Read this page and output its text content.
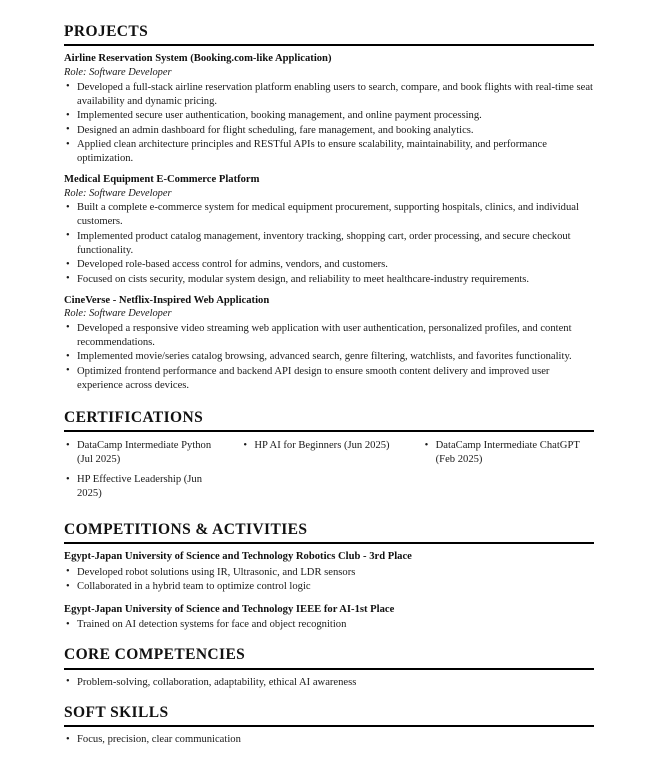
PROJECTS
Airline Reservation System (Booking.com-like Application)
Role: Software Developer
• Developed a full-stack airline reservation platform enabling users to search, compare, and book flights with real-time seat availability and dynamic pricing.
• Implemented secure user authentication, booking management, and online payment processing.
• Designed an admin dashboard for flight scheduling, fare management, and booking analytics.
• Applied clean architecture principles and RESTful APIs to ensure scalability, maintainability, and performance optimization.
Medical Equipment E-Commerce Platform
Role: Software Developer
• Built a complete e-commerce system for medical equipment procurement, supporting hospitals, clinics, and individual customers.
• Implemented product catalog management, inventory tracking, shopping cart, order processing, and secure checkout functionality.
• Developed role-based access control for admins, vendors, and customers.
• Focused on cists security, modular system design, and reliability to meet healthcare-industry requirements.
CineVerse - Netflix-Inspired Web Application
Role: Software Developer
• Developed a responsive video streaming web application with user authentication, personalized profiles, and content recommendations.
• Implemented movie/series catalog browsing, advanced search, genre filtering, watchlists, and favorites functionality.
• Optimized frontend performance and backend API design to ensure smooth content delivery and improved user experience across devices.
CERTIFICATIONS
• DataCamp Intermediate Python (Jul 2025)
• HP Effective Leadership (Jun 2025)
• HP AI for Beginners (Jun 2025)	• DataCamp Intermediate ChatGPT (Feb 2025)
COMPETITIONS & ACTIVITIES
Egypt-Japan University of Science and Technology Robotics Club - 3rd Place
• Developed robot solutions using IR, Ultrasonic, and LDR sensors
• Collaborated in a hybrid team to optimize control logic
Egypt-Japan University of Science and Technology IEEE for AI-1st Place
• Trained on AI detection systems for face and object recognition
CORE COMPETENCIES
• Problem-solving, collaboration, adaptability, ethical AI awareness
SOFT SKILLS
• Focus, precision, clear communication
